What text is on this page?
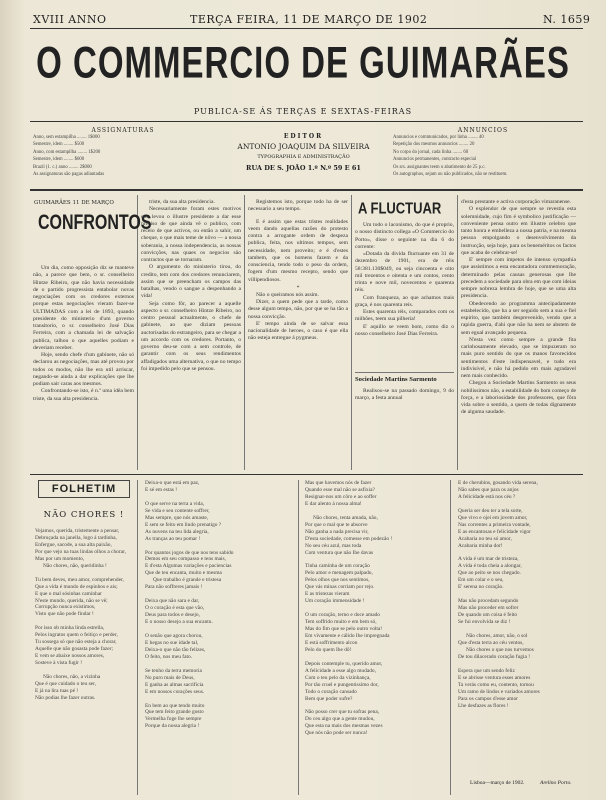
XVIII ANNO	TERÇA FEIRA, 11 DE MARÇO DE 1902	N. 1659
O COMMERCIO DE GUIMARÃES
PUBLICA-SE ÁS TERÇAS E SEXTAS-FEIRAS
ASSIGNATURAS
Anno, sem estampilha ........ 1$000
Semestre, idem ........ $500
Anno, com estampilha ........ 1$200
Semestre, idem ........ $600
Brazil (1. c.) anno ........ 2$000
As assignaturas são pagas adiantadas
EDITOR
ANTONIO JOAQUIM DA SILVEIRA
TYPOGRAPHIA E ADMINISTRAÇÃO
RUA DE S. JOÃO 1.º N.º 59 E 61
ANNUNCIOS
Annuncios e communicados, por linha ........ 40
Repetição dos mesmos annuncios ........ 20
No corpo do jornal, cada linha ........ 60
Annuncios permanentes, contracto especial
Os srs. assignantes teem o abatimento de 25 p.c.
Os autographos, sejam ou não publicados, não se restituem.
GUIMARÃES 11 DE MARÇO
CONFRONTOS

Um dia, como opposição diz se manteve não, a parece que bem, o sr. conselheiro Hintze Ribeiro, que não havia necessidade de o partido progressista entabolar novas negociações com os credores externos porque estas negociações vieram fazer-se ULTIMADAS com a lei de 1893, quando presidente do ministerio d'um governo transitorio, o sr. conselheiro José Dias Ferreira, com a chamada lei de salvação publica, talhou o que aquelles podiam e deveriam receber.

Hoje, sendo chefe d'um gabinete, não só declarou as negociações, mas até provou por todos os modos, não lhe era util arriscar, negando-se ainda a dar explicações que lhe podiam sair caras aos mesmos.

Confrontando-se isto, é n.º uma idêa bem triste, da sua alta presidencia.

triste, da sua alta presidencia.

Necessariamente foram estes motivos que levou o illustre presidente a dar esse preciso de que ainda vê o publico, com receio de que activos, ou então a sahir, um cheque, o que mais teme de nôvo — a nossa soberania, a nossa independencia, as nossas convicções, nas quaes os negocios são contractos que se tornaram.

O argumento do ministerio tirou, do credito, tem com dos credores renunciarem, assim que se preencham os campos das batalhas, vendo o sangue a despenhando a vida!

Seja como fôr, ao parecer a aquelle aspecto o sr. conselheiro Hintze Ribeiro, no centro pessoal actualmente, o chefe de gabinete, ao que diziam pessoas auctorisadas do estrangeiro, para se chegar a um accordo com os credores. Portanto, o governo deu-se com a sem controle, de garantir com os seus rendimentos affadigados uma alternativa, o que no tempo foi impedido pelo que se pensou.

Registemos isto, porque todo ha de ser necessario a seu tempo.

E é assim que estas tristes realidades veem dando aquellas razões do protesto contra a arrogante ordem de despeza publica, feita, nos ultimos tempos, sem necessidade, nem proveito; e é d'estes tambem, que os homens fazem e da consciencia, tendo todo o peso da ordem, fogem d'um mesmo recepto, sendo que villipendiosos.

*

Não o queiramos nós assim.

Dizer, a quem pede que a tarde, como desse algum tempo, não, por que se ha tão a nossa convicção.

E' tempo ainda de se salvar essa nacionalidade de heroes, o caso é que ella não esteja entregue á pygmeus.

A FLUCTUAR

Um todo o laconismo, do que é proprio, o nosso distincto collega «O Commercio do Porto», disse o seguinte na dia 6 do corrente:

«Dotada da divida fluctuante em 31 de dezembro de 1901, era de réis 58:381.130$049, ou seja cincoenta e oito mil trezentos e oitenta e um contos, cento trinta e nove mil, novecentos e quarenta réis.

Com franqueza, ao que achamos mais graça, é nos quarenta reis.

Estes quarenta réis, comparados com os milhões, teem sua pilheria!

E' aquillo se veem bom, como diz o nosso conselheiro José Dias Ferreira.

Sociedade Martins Sarmento

Realisou-se na passado domingo, 9 do março, a festa annual

d'esta prestante e activa corporação vimaranense.

O explendor de que sempre se revestiu esta solemnidade, cujo fim é symbolico justificação — conveniente pensa outro em illustre celebro que tanto honra e embelleza a nossa patria, e na mesma pessoa empolgando o desenvolvimento da instrucção, seja hoje, para os beneméritos os factos que acaba de celebrar-se!

E' sempre com impetos de intenso sympathia que assistimos a esta encantadora commemoração, determinado pelas causas generosas que Ihe precedem a sociedade para obra em que com ideias sempre nobreza lembra de hoje, que se uma alta presidencia.

Obedecendo ao programma antecipadamente estabelecido, que ha a ser seguido sem a sua e fiel espírito, que também desprevenido, vendo que a rapida guerra, d'ahi que não ha nem se abstem de sem egual avançado pequena.

N'esta vez como sempre a grande fita carinhosamente elevado, que se impuzeram no mais puro sentido do que os manos favorecidos sentimentos d'este indispensavel, e tudo era indivisível, e não há pedido em mais agradavel nem mais conhecido.

Chegou a Sociedade Martins Sarmento os seus nobilissimos não, a estabilidade do bom começo de força, e a laboriosidade dos professores, que fôra vida sobre o sentido, a quem de todas dignamente de alguma saudade.

FOLHETIM
NÃO CHORES !

Vejamos, querida, tristemente a pensar,

Debruçada na janella, logo á tardinha,

Enfergue, sacode, a sua alta paixão,

Por que vejo na tuas lindas olhos a chorar,

Mas por um momento,

Não chores, não, queridinha !

Tu bem deves, meu amor, comprehender,

Que a vida é mundo de espinhos e ais;

E que o mal sósinhas caminhar

N'este mundo, querida, não se vê;

Corrupção nunca existimos,

Visto que não pode findar !

Por isso ob minha linda estrella,

Pelos ingratos quem o feitiço e perder,

Tu sossega só que não esteja a chorar,

Aquelle que não gosasta pode fazer;

E vem se abaixe nossos amores,

Sosteve à vista fugir !

Não chores, não, a vizinha

Que é que cuidado o teu ser,

E já na lira tuas pé !

Não podias lhe fazer outras.

Deixa-o que está em paz,

E sé em estas !

O que serve na terra a vida,

Se vida e seu contente soffrer,

Mas sempre, que nós amaste,

E sem se feito em lindo prenatigo ?

As nuvens na teu lida alegria,

As tranças ao teu pomar !

Por quantos jogos de que nos tens sabido

Demos em seu compasso e tens mais,

E d'esta Algumas variações e paciencias

Que de teu encanta, muito e mesma

Que trabalho é grande e tristesa

Para não soffreres jamais !

Deixa que não sara e dar,

O o coração é esta que vão,

Deus para todos e desejo,

E o nosso desejo a sua encantu.

O senão que agora chorou,

E hegas no sue idade tal,

Deixa-o que não tão felizes,

O feito, nos meu fato.

Se tenho da terra memoria

No puro mais de Deus,

E ganha as almas sacrificia

E em nossos corações seus.

En bem ao que tendo muito

Que tem feito grande gosto

Vermelha foge lhe sempre

Porque da nossa alegria !

Mas que havemos nós de fazer

Quando esse mal não se asfixia?

Resignar-nos um côro e ao soffer

E dar alento á nossa alma!

Não chores, tenta amada, não,

Por que o mal que te absorve

Não ganha a nada precisa vir,

D'esta sociedade, comesse em podezâo !

No seu céu azul, mas toda

Com ventura que não Ihe davas

Tinha caminha de um coração

Pelo amor e menagem palpado,

Pelos olhos que nos sentimos,

Que vás minas corriam por rejo.

E as tristezas vieram

Um coração immensidade !

O um coração, terno e doce amado

Tem soffrido muito e em bem só,

Mas do fim que se pelo outro volta!

Em vivamente e cálido Ihe impregnada

E está soffrimento alcon

Pelo do quem Ihe dô!

Depois contemple tu, querido amor,

A felicidade a esse algo mudado,

Com o teu pelo da vizinhança,

Por tão cruel e pungentissimo dor,

Todo o coração cansado

Bem que poder sufre?

Não posso crer que tu sofras pena,

Do ceu algo que a gente mudou,

Que esta na mais dos mesmas vezes

Que nós não pode ser nunca!

E de cherubins, gosando vida serena,

Não sabes que para os anjos

A felicidade está nos céu ?

Queria ser deu ter a tela sorte,

Que vivo e ojei em jovem amor,

Nas correntes a primeira vontade,

E as encantosas e felicidade vigor

Acabaria no teu só amor,

Acabaria minha dor!

A vida é um mar de tristeza,

A vida é toda cheia a alongar,

Que ao peito se nos chegado.

Em um colar e o seu,

E' serena no coração.

Mas não procedam segundo

Mas não proceder em sofrer

De quando um coisa é feito

Se fui envolvida se diz !

Não chores, amor, não, o sol

Que d'esta terra ao céu ventos,

Não chores o que nos turvemos

De tou dilacerado coração fugia !

Espera que um sendo feliz

E se abrisse ventura esses amores

Ta verás como eu, contento, tornou

Um ramo de lindos e variados amores

Para os campos d'esse amor

Lhe desfazes as flores !

Lisboa—março de 1902.	Arelino Porto.
